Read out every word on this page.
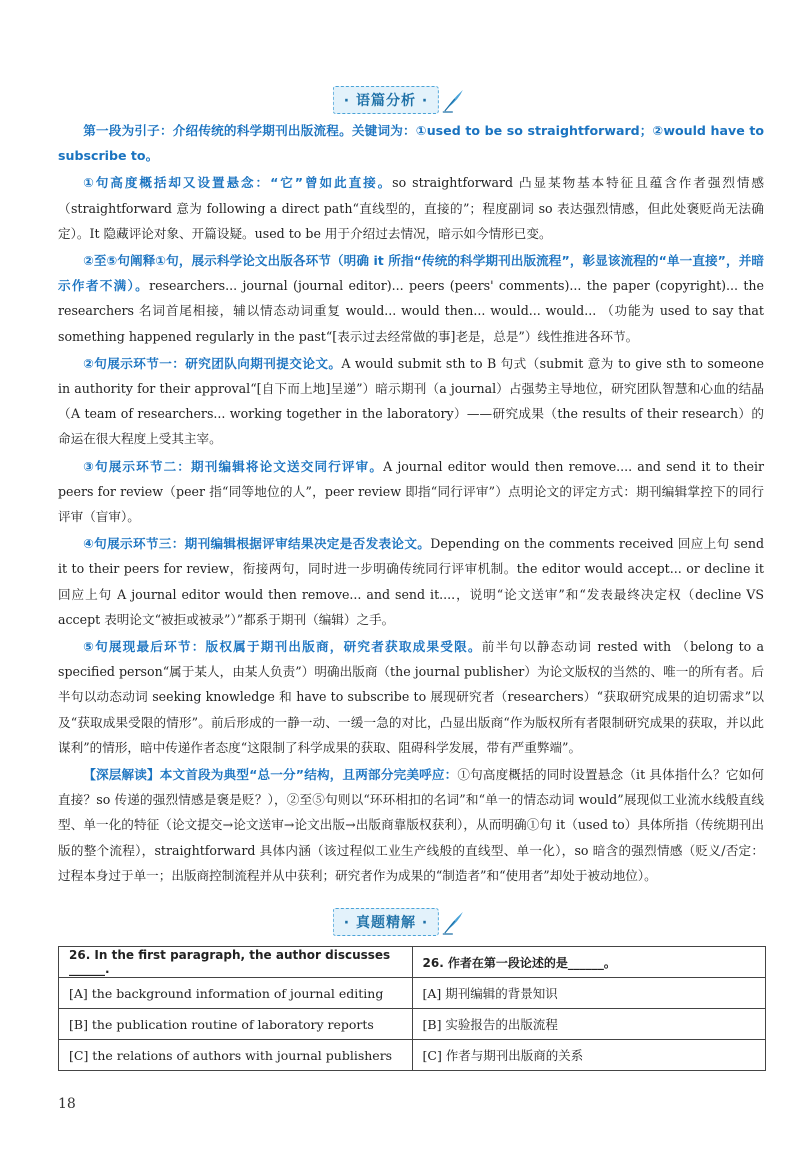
· 语篇分析 ·

第一段为引子：介绍传统的科学期刊出版流程。关键词为：①used to be so straightforward；②would have to subscribe to。

①句高度概括却又设置悬念：“它”曾如此直接。so straightforward 凸显某物基本特征且蕴含作者强烈情感（straightforward 意为 following a direct path“直线型的，直接的”；程度副词 so 表达强烈情感，但此处褒贬尚无法确定）。It 隐藏评论对象、开篇设疑。used to be 用于介绍过去情况，暗示如今情形已变。

②至⑤句阐释①句，展示科学论文出版各环节（明确 it 所指“传统的科学期刊出版流程”，彰显该流程的“单一直接”，并暗示作者不满）。researchers... journal (journal editor)... peers (peers' comments)... the paper (copyright)... the researchers 名词首尾相接，辅以情态动词重复 would... would then... would... would... （功能为 used to say that something happened regularly in the past“[表示过去经常做的事]老是，总是”）线性推进各环节。

②句展示环节一：研究团队向期刊提交论文。A would submit sth to B 句式（submit 意为 to give sth to someone in authority for their approval“[自下而上地]呈递”）暗示期刊（a journal）占强势主导地位，研究团队智慧和心血的结晶（A team of researchers... working together in the laboratory）——研究成果（the results of their research）的命运在很大程度上受其主宰。

③句展示环节二：期刊编辑将论文送交同行评审。A journal editor would then remove.... and send it to their peers for review（peer 指“同等地位的人”，peer review 即指“同行评审”）点明论文的评定方式：期刊编辑掌控下的同行评审（盲审）。

④句展示环节三：期刊编辑根据评审结果决定是否发表论文。Depending on the comments received 回应上句 send it to their peers for review，衔接两句，同时进一步明确传统同行评审机制。the editor would accept... or decline it 回应上句 A journal editor would then remove... and send it....，说明“论文送审”和“发表最终决定权（decline VS accept 表明论文“被拒或被录”）”都系于期刊（编辑）之手。

⑤句展现最后环节：版权属于期刊出版商，研究者获取成果受限。前半句以静态动词 rested with （belong to a specified person“属于某人，由某人负责”）明确出版商（the journal publisher）为论文版权的当然的、唯一的所有者。后半句以动态动词 seeking knowledge 和 have to subscribe to 展现研究者（researchers）“获取研究成果的迫切需求”以及“获取成果受限的情形”。前后形成的一静一动、一缓一急的对比，凸显出版商“作为版权所有者限制研究成果的获取，并以此谋利”的情形，暗中传递作者态度“这限制了科学成果的获取、阻碍科学发展，带有严重弊端”。

【深层解读】本文首段为典型“总一分”结构，且两部分完美呼应：①句高度概括的同时设置悬念（it 具体指什么？它如何直接？so 传递的强烈情感是褒是贬？），②至⑤句则以“环环相扣的名词”和“单一的情态动词 would”展现似工业流水线般直线型、单一化的特征（论文提交→论文送审→论文出版→出版商靠版权获利），从而明确①句 it（used to）具体所指（传统期刊出版的整个流程），straightforward 具体内涵（该过程似工业生产线般的直线型、单一化），so 暗含的强烈情感（贬义/否定：过程本身过于单一；出版商控制流程并从中获利；研究者作为成果的“制造者”和“使用者”却处于被动地位）。

· 真题精解 ·
26. In the first paragraph, the author discusses ______.	26. 作者在第一段论述的是______。
[A] the background information of journal editing	[A] 期刊编辑的背景知识
[B] the publication routine of laboratory reports	[B] 实验报告的出版流程
[C] the relations of authors with journal publishers	[C] 作者与期刊出版商的关系
18
